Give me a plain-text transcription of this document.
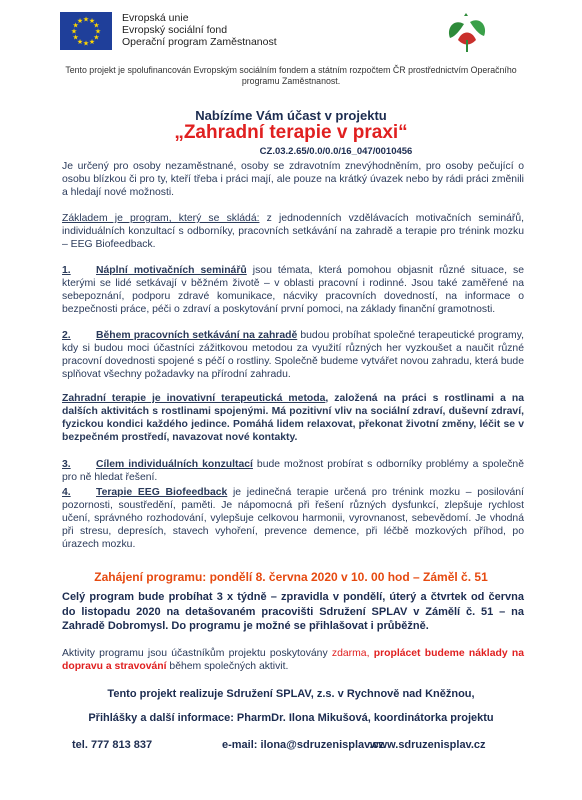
★ ★
★
★
★
★
★
★
★
★
★
★	Evropská unie
Evropský sociální fond
Operační program Zaměstnanost
Tento projekt je spolufinancován Evropským sociálním fondem a státním rozpočtem ČR prostřednictvím Operačního programu Zaměstnanost.
Nabízíme Vám účast v projektu
„Zahradní terapie v praxi“
CZ.03.2.65/0.0/0.0/16_047/0010456

Je určený pro osoby nezaměstnané, osoby se zdravotním znevýhodněním, pro osoby pečující o osobu blízkou či pro ty, kteří třeba i práci mají, ale pouze na krátký úvazek nebo by rádi práci změnili a hledají nové možnosti.

Základem je program, který se skládá: z jednodenních vzdělávacích motivačních seminářů, individuálních konzultací s odborníky, pracovních setkávání na zahradě a terapie pro trénink mozku – EEG Biofeedback.

1. Náplní motivačních seminářů jsou témata, která pomohou objasnit různé situace, se kterými se lidé setkávají v běžném životě – v oblasti pracovní i rodinné. Jsou také zaměřené na sebepoznání, podporu zdravé komunikace, nácviky pracovních dovedností, na informace o bezpečnosti práce, péči o zdraví a poskytování první pomoci, na základy finanční gramotnosti.

2. Během pracovních setkávání na zahradě budou probíhat společné terapeutické programy, kdy si budou moci účastníci zážitkovou metodou za využití různých her vyzkoušet a naučit různé pracovní dovednosti spojené s péčí o rostliny. Společně budeme vytvářet novou zahradu, která bude splňovat všechny požadavky na přírodní zahradu.

Zahradní terapie je inovativní terapeutická metoda, založená na práci s rostlinami a na dalších aktivitách s rostlinami spojenými. Má pozitivní vliv na sociální zdraví, duševní zdraví, fyzickou kondici každého jedince. Pomáhá lidem relaxovat, překonat životní změny, léčit se v bezpečném prostředí, navazovat nové kontakty.

3. Cílem individuálních konzultací bude možnost probírat s odborníky problémy a společně pro ně hledat řešení.

4. Terapie EEG Biofeedback je jedinečná terapie určená pro trénink mozku – posilování pozornosti, soustředění, paměti. Je nápomocná při řešení různých dysfunkcí, zlepšuje rychlost učení, správného rozhodování, vylepšuje celkovou harmonii, vyrovnanost, sebevědomí. Je vhodná při stresu, depresích, stavech vyhoření, prevence demence, při léčbě mozkových příhod, po úrazech mozku.

Zahájení programu: pondělí 8. června 2020 v 10. 00 hod – Záměl č. 51
Celý program bude probíhat 3 x týdně – zpravidla v pondělí, úterý a čtvrtek od června do listopadu 2020 na detašovaném pracovišti Sdružení SPLAV v Zámělí č. 51 – na Zahradě Dobromysl. Do programu je možné se přihlašovat i průběžně.

Aktivity programu jsou účastníkům projektu poskytovány zdarma, proplácet budeme náklady na dopravu a stravování během společných aktivit.

Tento projekt realizuje Sdružení SPLAV, z.s. v Rychnově nad Kněžnou,
Přihlášky a další informace: PharmDr. Ilona Mikušová, koordinátorka projektu
tel. 777 813 837	e-mail: ilona@sdruzenisplav.cz
www.sdruzenisplav.cz
